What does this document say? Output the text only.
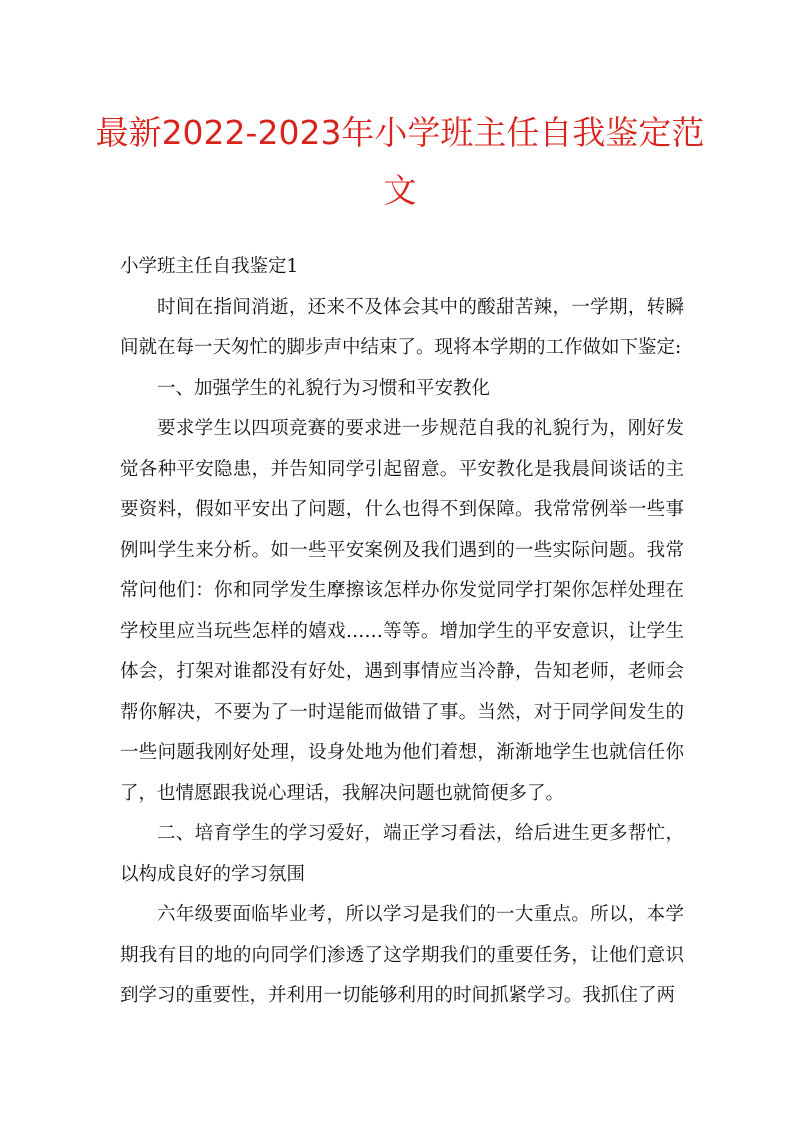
最新2022-2023年小学班主任自我鉴定范文

小学班主任自我鉴定1

时间在指间消逝，还来不及体会其中的酸甜苦辣，一学期，转瞬间就在每一天匆忙的脚步声中结束了。现将本学期的工作做如下鉴定:

一、加强学生的礼貌行为习惯和平安教化

要求学生以四项竞赛的要求进一步规范自我的礼貌行为，刚好发觉各种平安隐患，并告知同学引起留意。平安教化是我晨间谈话的主要资料，假如平安出了问题，什么也得不到保障。我常常例举一些事例叫学生来分析。如一些平安案例及我们遇到的一些实际问题。我常常问他们：你和同学发生摩擦该怎样办你发觉同学打架你怎样处理在学校里应当玩些怎样的嬉戏……等等。增加学生的平安意识，让学生体会，打架对谁都没有好处，遇到事情应当冷静，告知老师，老师会帮你解决，不要为了一时逞能而做错了事。当然，对于同学间发生的一些问题我刚好处理，设身处地为他们着想，渐渐地学生也就信任你了，也情愿跟我说心理话，我解决问题也就简便多了。

二、培育学生的学习爱好，端正学习看法，给后进生更多帮忙，以构成良好的学习氛围

六年级要面临毕业考，所以学习是我们的一大重点。所以，本学期我有目的地的向同学们渗透了这学期我们的重要任务，让他们意识到学习的重要性，并利用一切能够利用的时间抓紧学习。我抓住了两
